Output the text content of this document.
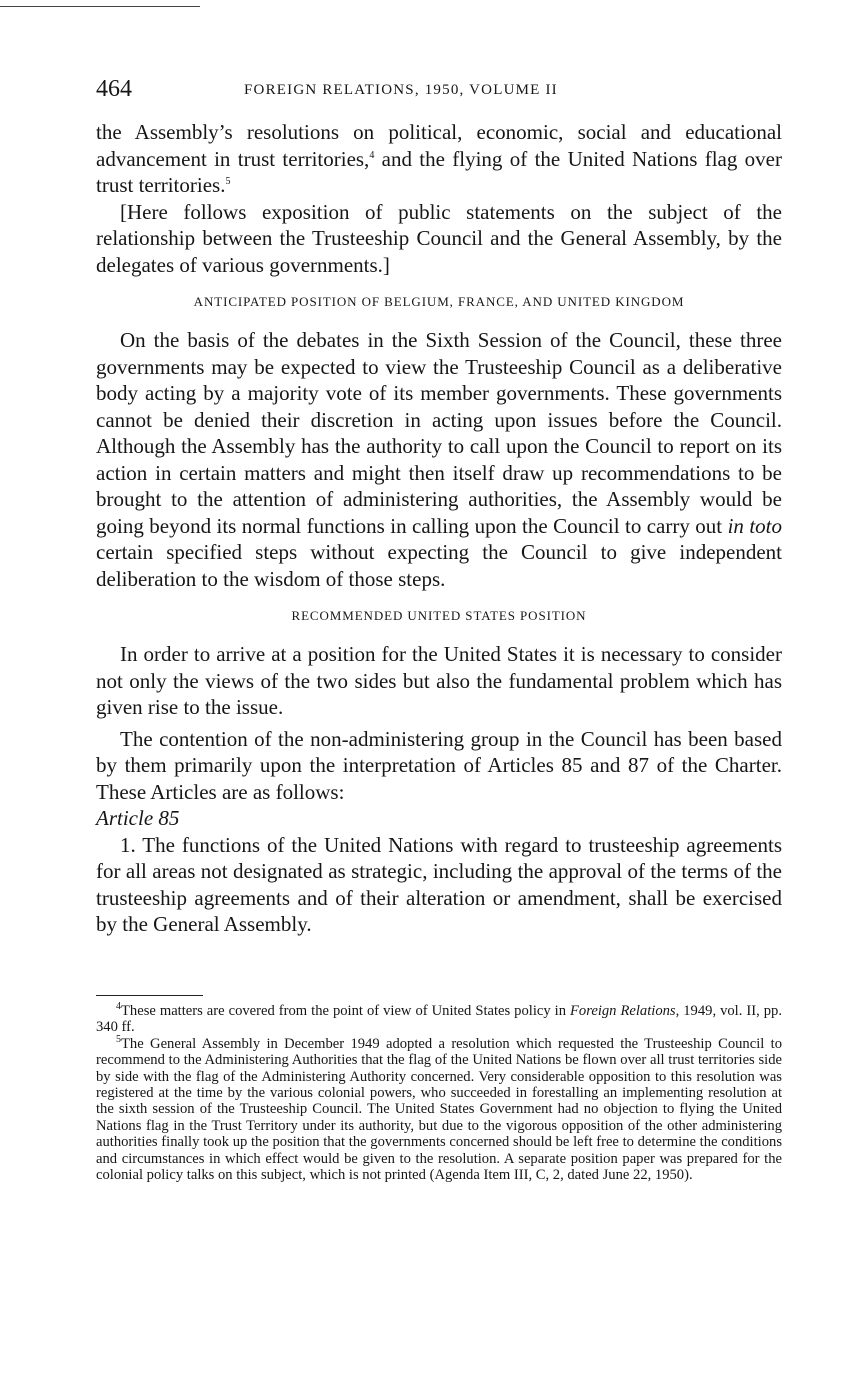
464	FOREIGN RELATIONS, 1950, VOLUME II

the Assembly’s resolutions on political, economic, social and educational advancement in trust territories,$^4$ and the flying of the United Nations flag over trust territories.$^5$

[Here follows exposition of public statements on the subject of the relationship between the Trusteeship Council and the General Assembly, by the delegates of various governments.]

ANTICIPATED POSITION OF BELGIUM, FRANCE, AND UNITED KINGDOM

On the basis of the debates in the Sixth Session of the Council, these three governments may be expected to view the Trusteeship Council as a deliberative body acting by a majority vote of its member governments. These governments cannot be denied their discretion in acting upon issues before the Council. Although the Assembly has the authority to call upon the Council to report on its action in certain matters and might then itself draw up recommendations to be brought to the attention of administering authorities, the Assembly would be going beyond its normal functions in calling upon the Council to carry out in toto certain specified steps without expecting the Council to give independent deliberation to the wisdom of those steps.

RECOMMENDED UNITED STATES POSITION

In order to arrive at a position for the United States it is necessary to consider not only the views of the two sides but also the fundamental problem which has given rise to the issue.

The contention of the non-administering group in the Council has been based by them primarily upon the interpretation of Articles 85 and 87 of the Charter. These Articles are as follows:

Article 85

1. The functions of the United Nations with regard to trusteeship agreements for all areas not designated as strategic, including the approval of the terms of the trusteeship agreements and of their alteration or amendment, shall be exercised by the General Assembly.

$^4$These matters are covered from the point of view of United States policy in Foreign Relations, 1949, vol. II, pp. 340 ff.

$^5$The General Assembly in December 1949 adopted a resolution which requested the Trusteeship Council to recommend to the Administering Authorities that the flag of the United Nations be flown over all trust territories side by side with the flag of the Administering Authority concerned. Very considerable opposition to this resolution was registered at the time by the various colonial powers, who succeeded in forestalling an implementing resolution at the sixth session of the Trusteeship Council. The United States Government had no objection to flying the United Nations flag in the Trust Territory under its authority, but due to the vigorous opposition of the other administering authorities finally took up the position that the governments concerned should be left free to determine the conditions and circumstances in which effect would be given to the resolution. A separate position paper was prepared for the colonial policy talks on this subject, which is not printed (Agenda Item III, C, 2, dated June 22, 1950).
